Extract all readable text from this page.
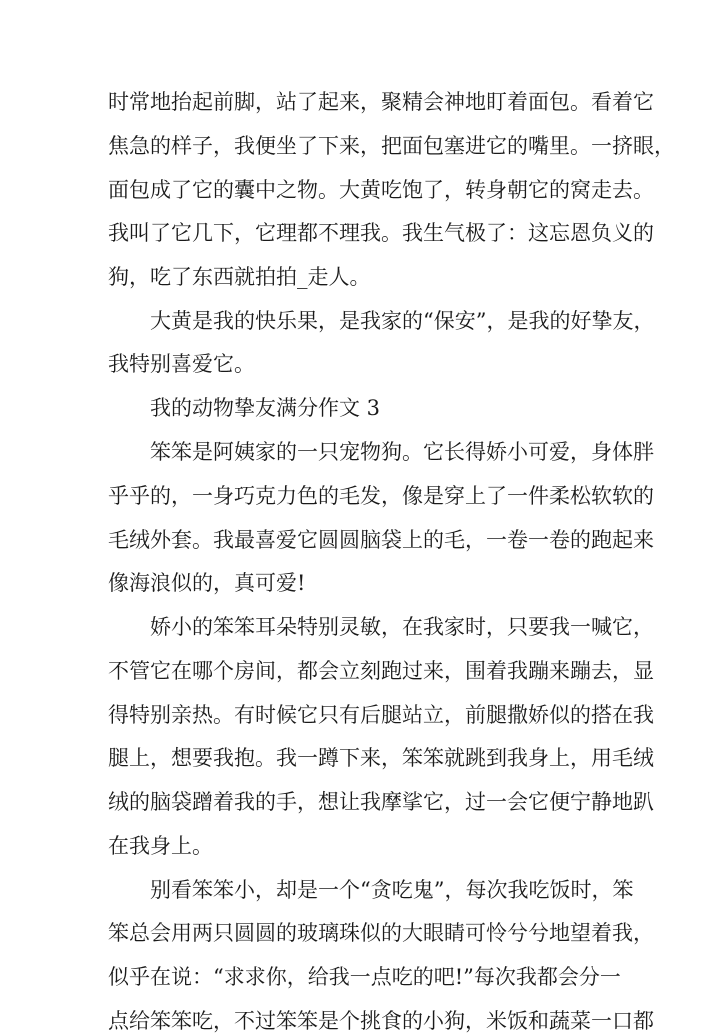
时常地抬起前脚，站了起来，聚精会神地盯着面包。看着它
焦急的样子，我便坐了下来，把面包塞进它的嘴里。一挤眼，
面包成了它的囊中之物。大黄吃饱了，转身朝它的窝走去。
我叫了它几下，它理都不理我。我生气极了：这忘恩负义的
狗，吃了东西就拍拍_走人。
大黄是我的快乐果，是我家的“保安”，是我的好挚友，
我特别喜爱它。
我的动物挚友满分作文 3
笨笨是阿姨家的一只宠物狗。它长得娇小可爱，身体胖
乎乎的，一身巧克力色的毛发，像是穿上了一件柔松软软的
毛绒外套。我最喜爱它圆圆脑袋上的毛，一卷一卷的跑起来
像海浪似的，真可爱!
娇小的笨笨耳朵特别灵敏，在我家时，只要我一喊它，
不管它在哪个房间，都会立刻跑过来，围着我蹦来蹦去，显
得特别亲热。有时候它只有后腿站立，前腿撒娇似的搭在我
腿上，想要我抱。我一蹲下来，笨笨就跳到我身上，用毛绒
绒的脑袋蹭着我的手，想让我摩挲它，过一会它便宁静地趴
在我身上。
别看笨笨小，却是一个“贪吃鬼”，每次我吃饭时，笨
笨总会用两只圆圆的玻璃珠似的大眼睛可怜兮兮地望着我，
似乎在说：“求求你，给我一点吃的吧!”每次我都会分一
点给笨笨吃，不过笨笨是个挑食的小狗，米饭和蔬菜一口都
